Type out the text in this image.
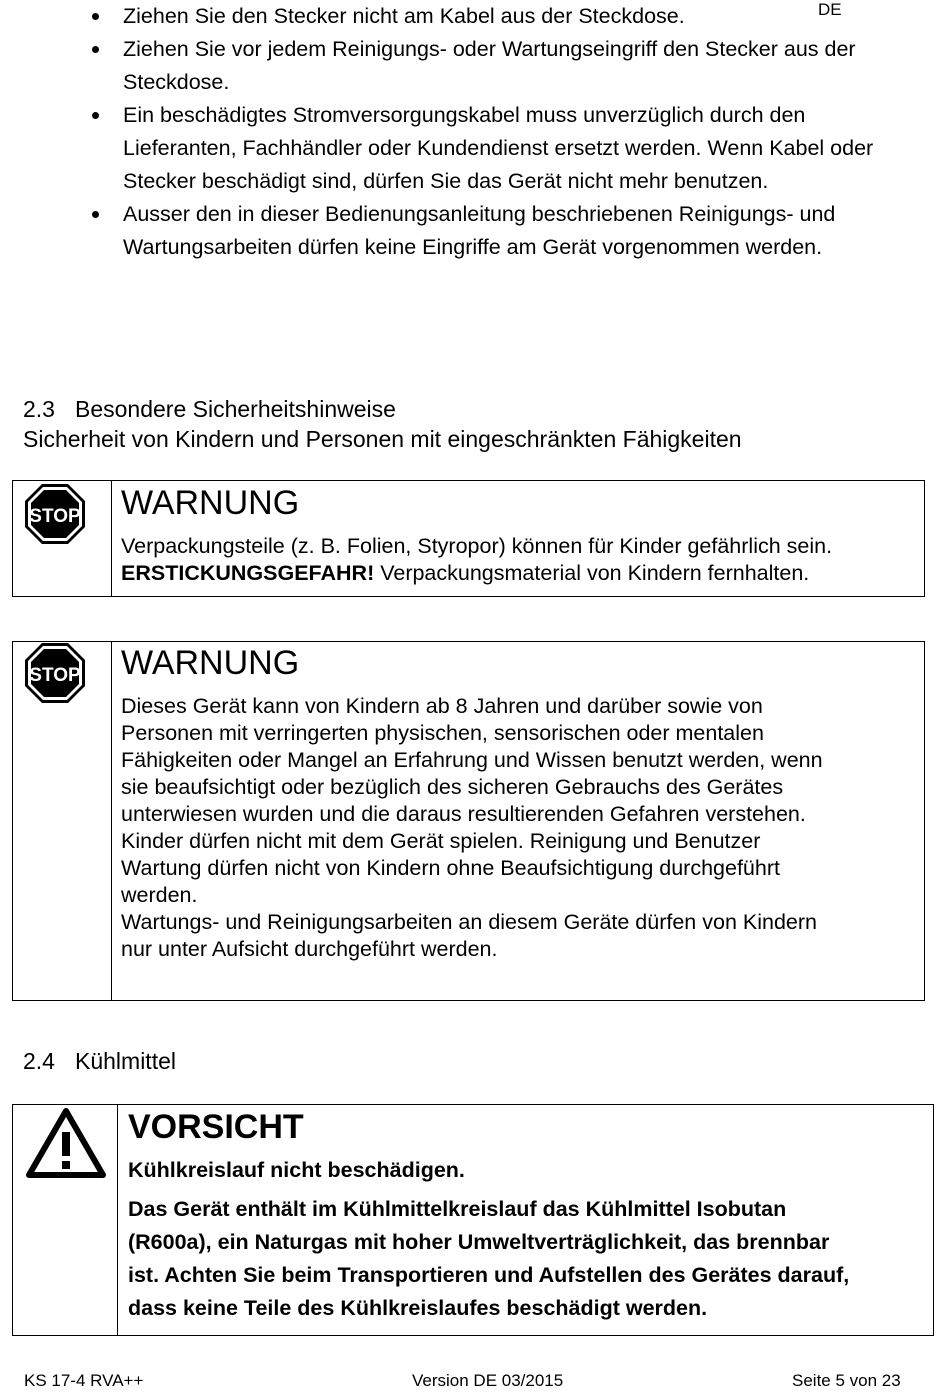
DE
Ziehen Sie den Stecker nicht am Kabel aus der Steckdose.
Ziehen Sie vor jedem Reinigungs- oder Wartungseingriff den Stecker aus der Steckdose.
Ein beschädigtes Stromversorgungskabel muss unverzüglich durch den Lieferanten, Fachhändler oder Kundendienst ersetzt werden. Wenn Kabel oder Stecker beschädigt sind, dürfen Sie das Gerät nicht mehr benutzen.
Ausser den in dieser Bedienungsanleitung beschriebenen Reinigungs- und Wartungsarbeiten dürfen keine Eingriffe am Gerät vorgenommen werden.
2.3 Besondere Sicherheitshinweise
Sicherheit von Kindern und Personen mit eingeschränkten Fähigkeiten
STOP WARNUNG
Verpackungsteile (z. B. Folien, Styropor) können für Kinder gefährlich sein.
ERSTICKUNGSGEFAHR! Verpackungsmaterial von Kindern fernhalten.
STOP WARNUNG
Dieses Gerät kann von Kindern ab 8 Jahren und darüber sowie von
Personen mit verringerten physischen, sensorischen oder mentalen
Fähigkeiten oder Mangel an Erfahrung und Wissen benutzt werden, wenn
sie beaufsichtigt oder bezüglich des sicheren Gebrauchs des Gerätes
unterwiesen wurden und die daraus resultierenden Gefahren verstehen.
Kinder dürfen nicht mit dem Gerät spielen. Reinigung und Benutzer
Wartung dürfen nicht von Kindern ohne Beaufsichtigung durchgeführt
werden.
Wartungs- und Reinigungsarbeiten an diesem Geräte dürfen von Kindern
nur unter Aufsicht durchgeführt werden.
2.4 Kühlmittel
VORSICHT
Kühlkreislauf nicht beschädigen.
Das Gerät enthält im Kühlmittelkreislauf das Kühlmittel Isobutan
(R600a), ein Naturgas mit hoher Umweltverträglichkeit, das brennbar
ist. Achten Sie beim Transportieren und Aufstellen des Gerätes darauf,
dass keine Teile des Kühlkreislaufes beschädigt werden.
KS 17-4 RVA++	Version DE 03/2015	Seite 5 von 23
